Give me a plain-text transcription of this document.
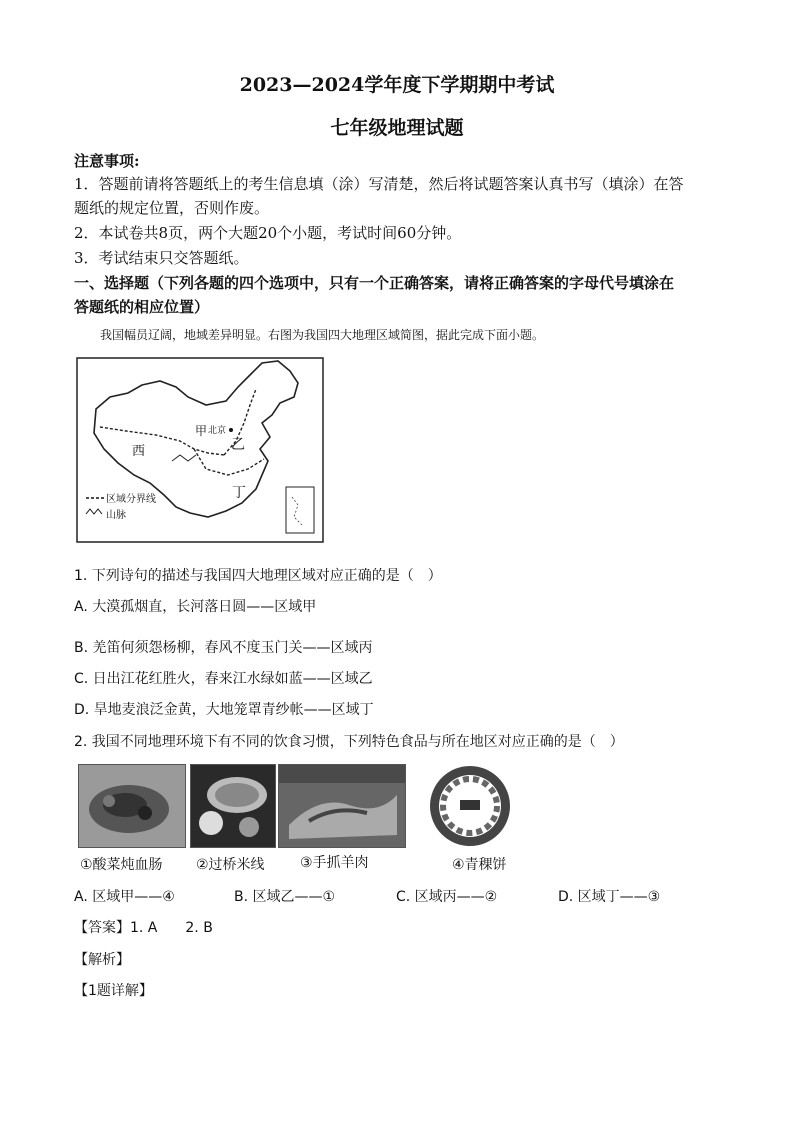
2023—2024学年度下学期期中考试
七年级地理试题
注意事项:
1．答题前请将答题纸上的考生信息填（涂）写清楚，然后将试题答案认真书写（填涂）在答
题纸的规定位置，否则作废。
2．本试卷共8页，两个大题20个小题，考试时间60分钟。
3．考试结束只交答题纸。
一、选择题（下列各题的四个选项中，只有一个正确答案，请将正确答案的字母代号填涂在
答题纸的相应位置）
我国幅员辽阔，地域差异明显。右图为我国四大地理区域简图，据此完成下面小题。
甲 北京
乙
西
丁
区域分界线
山脉
1. 下列诗句的描述与我国四大地理区域对应正确的是（　）
A. 大漠孤烟直，长河落日圆——区域甲
B. 羌笛何须怨杨柳，春风不度玉门关——区域丙
C. 日出江花红胜火，春来江水绿如蓝——区域乙
D. 旱地麦浪泛金黄，大地笼罩青纱帐——区域丁
2. 我国不同地理环境下有不同的饮食习惯，下列特色食品与所在地区对应正确的是（　）
①酸菜炖血肠 ②过桥米线	③手抓羊肉	④青稞饼
A. 区域甲——④	B. 区域乙——①	C. 区域丙——②	D. 区域丁——③
【答案】1. A　　2. B
【解析】
【1题详解】
